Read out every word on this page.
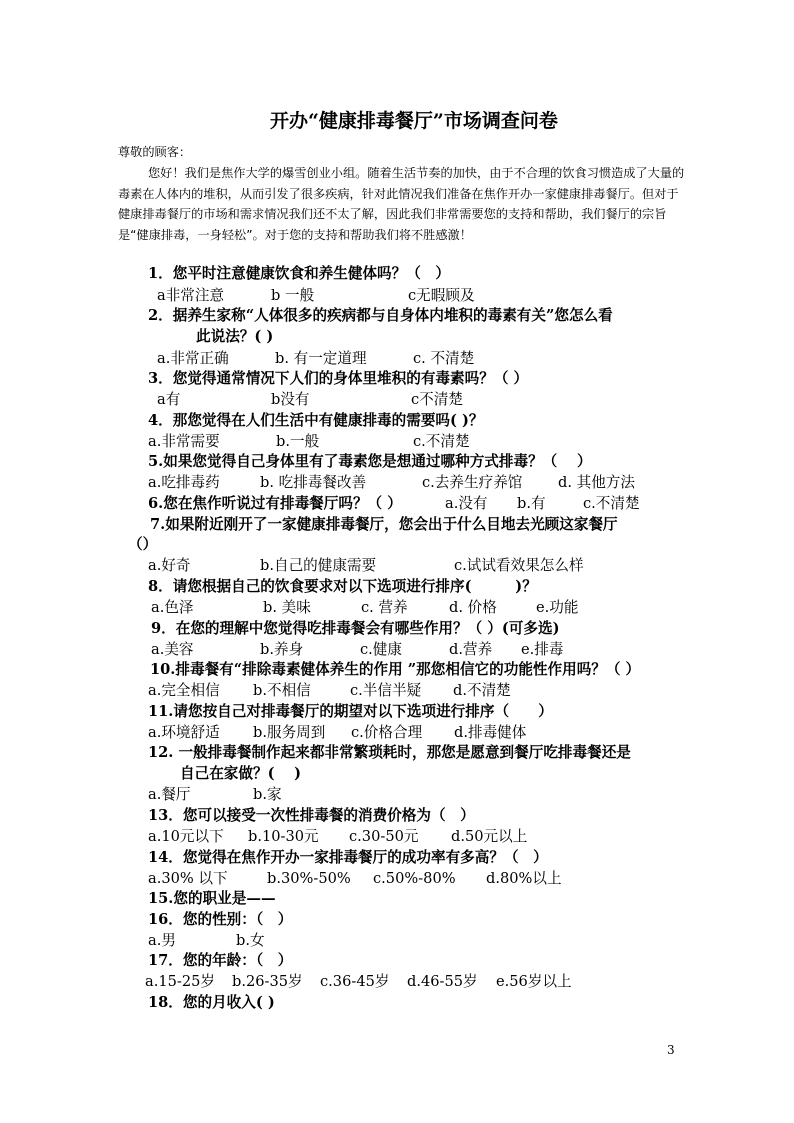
开办“健康排毒餐厅”市场调查问卷

尊敬的顾客：

您好！我们是焦作大学的爆雪创业小组。随着生活节奏的加快，由于不合理的饮食习惯造成了大量的毒素在人体内的堆积，从而引发了很多疾病，针对此情况我们准备在焦作开办一家健康排毒餐厅。但对于健康排毒餐厅的市场和需求情况我们还不太了解，因此我们非常需要您的支持和帮助，我们餐厅的宗旨是“健康排毒，一身轻松”。对于您的支持和帮助我们将不胜感激！

1．您平时注意健康饮食和养生健体吗？（　）
a非常注意	b 一般	c无暇顾及
2．据养生家称“人体很多的疾病都与自身体内堆积的毒素有关”您怎么看
此说法？( )
a.非常正确	b. 有一定道理	c. 不清楚
3．您觉得通常情况下人们的身体里堆积的有毒素吗？（ ）
a有	b没有	c不清楚
4．那您觉得在人们生活中有健康排毒的需要吗( )？
a.非常需要	b.一般	c.不清楚
5.如果您觉得自己身体里有了毒素您是想通过哪种方式排毒？（　 ）
a.吃排毒药	b. 吃排毒餐改善	c.去养生疗养馆 d. 其他方法
6.您在焦作听说过有排毒餐厅吗？（ ）	a.没有 b.有	c.不清楚
7.如果附近刚开了一家健康排毒餐厅，您会出于什么目地去光顾这家餐厅
（）
a.好奇	b.自己的健康需要	c.试试看效果怎么样
8．请您根据自己的饮食要求对以下选项进行排序(　　　)？
a.色泽	b. 美味	c. 营养	d. 价格	e.功能
9．在您的理解中您觉得吃排毒餐会有哪些作用？（ ）(可多选)
a.美容	b.养身	c.健康	d.营养 e.排毒
10.排毒餐有“排除毒素健体养生的作用 ”那您相信它的功能性作用吗？（ ）
a.完全相信 b.不相信	c.半信半疑 d.不清楚
11.请您按自己对排毒餐厅的期望对以下选项进行排序（　　）
a.环境舒适 b.服务周到 c.价格合理 d.排毒健体
12. 一般排毒餐制作起来都非常繁琐耗时，那您是愿意到餐厅吃排毒餐还是
自己在家做？(　 )
a.餐厅	b.家
13．您可以接受一次性排毒餐的消费价格为（　）
a.10元以下 b.10-30元 c.30-50元 d.50元以上
14．您觉得在焦作开办一家排毒餐厅的成功率有多高？（　）
a.30% 以下	b.30%-50% c.50%-80% d.80%以上
15.您的职业是——
16．您的性别：（　）
a.男	b.女
17．您的年龄：（　）
a.15-25岁 b.26-35岁 c.36-45岁 d.46-55岁 e.56岁以上
18．您的月收入( )
3
